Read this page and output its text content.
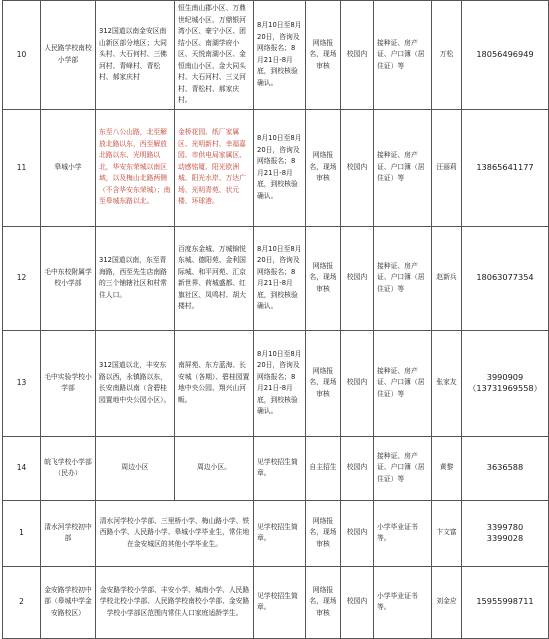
10	人民路学校南校小学部	312国道以南金安区南山新区部分地区；大同头村、大石何村、三佛河村、青峰村、青松村、郝家庆村	恒生南山郡小区、万鼎世纪城小区、万鼎银河湾小区、豪宁小区、团结小区、南湖学府小区、天悦南湖小区、金恒南山小区、金大同头村、大石河村、三义河村、青松村、郝家庆村。	8月10日至8月20日，咨询及网络报名；8月21日-8月底，到校核验确认。	网络报名，现场审核	校园内	接种证、房产证、户口簿（居住证）等	万松	18056496949
11	皋城小学	东至八公山路，北至解放北路以东，西至解放北路以东、光明路以北，华安东荣城以南区域，以及梅山北路两侧（不含华安东荣城）；南至皋城东路以北。	金桥花园、纸厂家属区、光明新村、幸福嘉园、市供电局家属区、动感铭厦、阳光欧洲城、阳光水岸、万达广场、光明青苑、状元楼、环球港。	8月10日至8月20日，咨询及网络报名；8月21日-8月底，到校核验确认。	网络报名，现场审核	校园内	接种证、房产证、户口簿（居住证）等	汪丽莉	13865641177
12	毛中东校附属学校小学部	312国道以南，东至青海路，西至先生店南路的三个铺辖社区和村常住人口。	百度东金城、万城锦悦东城、德阳苑、金利国际城、和平河苑、汇京新世界、荷城盛都、红旗社区、凤鸣村、胡大楼村。	8月10日至8月20日，咨询及网络报名；8月21日-8月底，到校核验确认。	网络报名，现场审核	校园内	接种证、房产证、户口簿（居住证）等	赵新兵	18063077354
13	毛中实验学校小学部	312国道以北，丰安东路以西，永镇路以东，长安南路以南（含碧桂园置地中央公园小区）。	南屏苑、东方蓝海、长安城（各期）、碧桂园置地中央公园、翔兴山河畈。	8月10日至8月20日，咨询及网络报名；8月21日-8月底，到校核验确认。	网络报名，现场审核	校园内	接种证、房产证、户口簿（居住证）等	张家友	3990909
（13731969558）
14	皖飞学校小学部（民办）	周边小区	周边小区。	见学校招生简章。	自主招生	校园内	接种证、房产证、户口簿（居住证）等	黄黎	3636588
1	清水河学校初中部	清水河学校小学部、三里桥小学、梅山路小学、铁西路小学、人民路小学、皋城小学毕业生，常住地在金安城区的其他小学毕业生。		见学校招生简章。	网络报名，现场审核	校园内	小学毕业证书等。	卞文富	3399780
3399028
2	金安路学校初中部（皋城中学金安路校区）	金安路学校小学部、丰安小学、城南小学、人民路学校北校小学部、人民路学校南校小学部、金安路学校小学部区范围内常住人口家庭适龄学生。		见学校招生简章。	网络报名，现场审核	校园内	小学毕业证书等。	刘金应	15955998711
